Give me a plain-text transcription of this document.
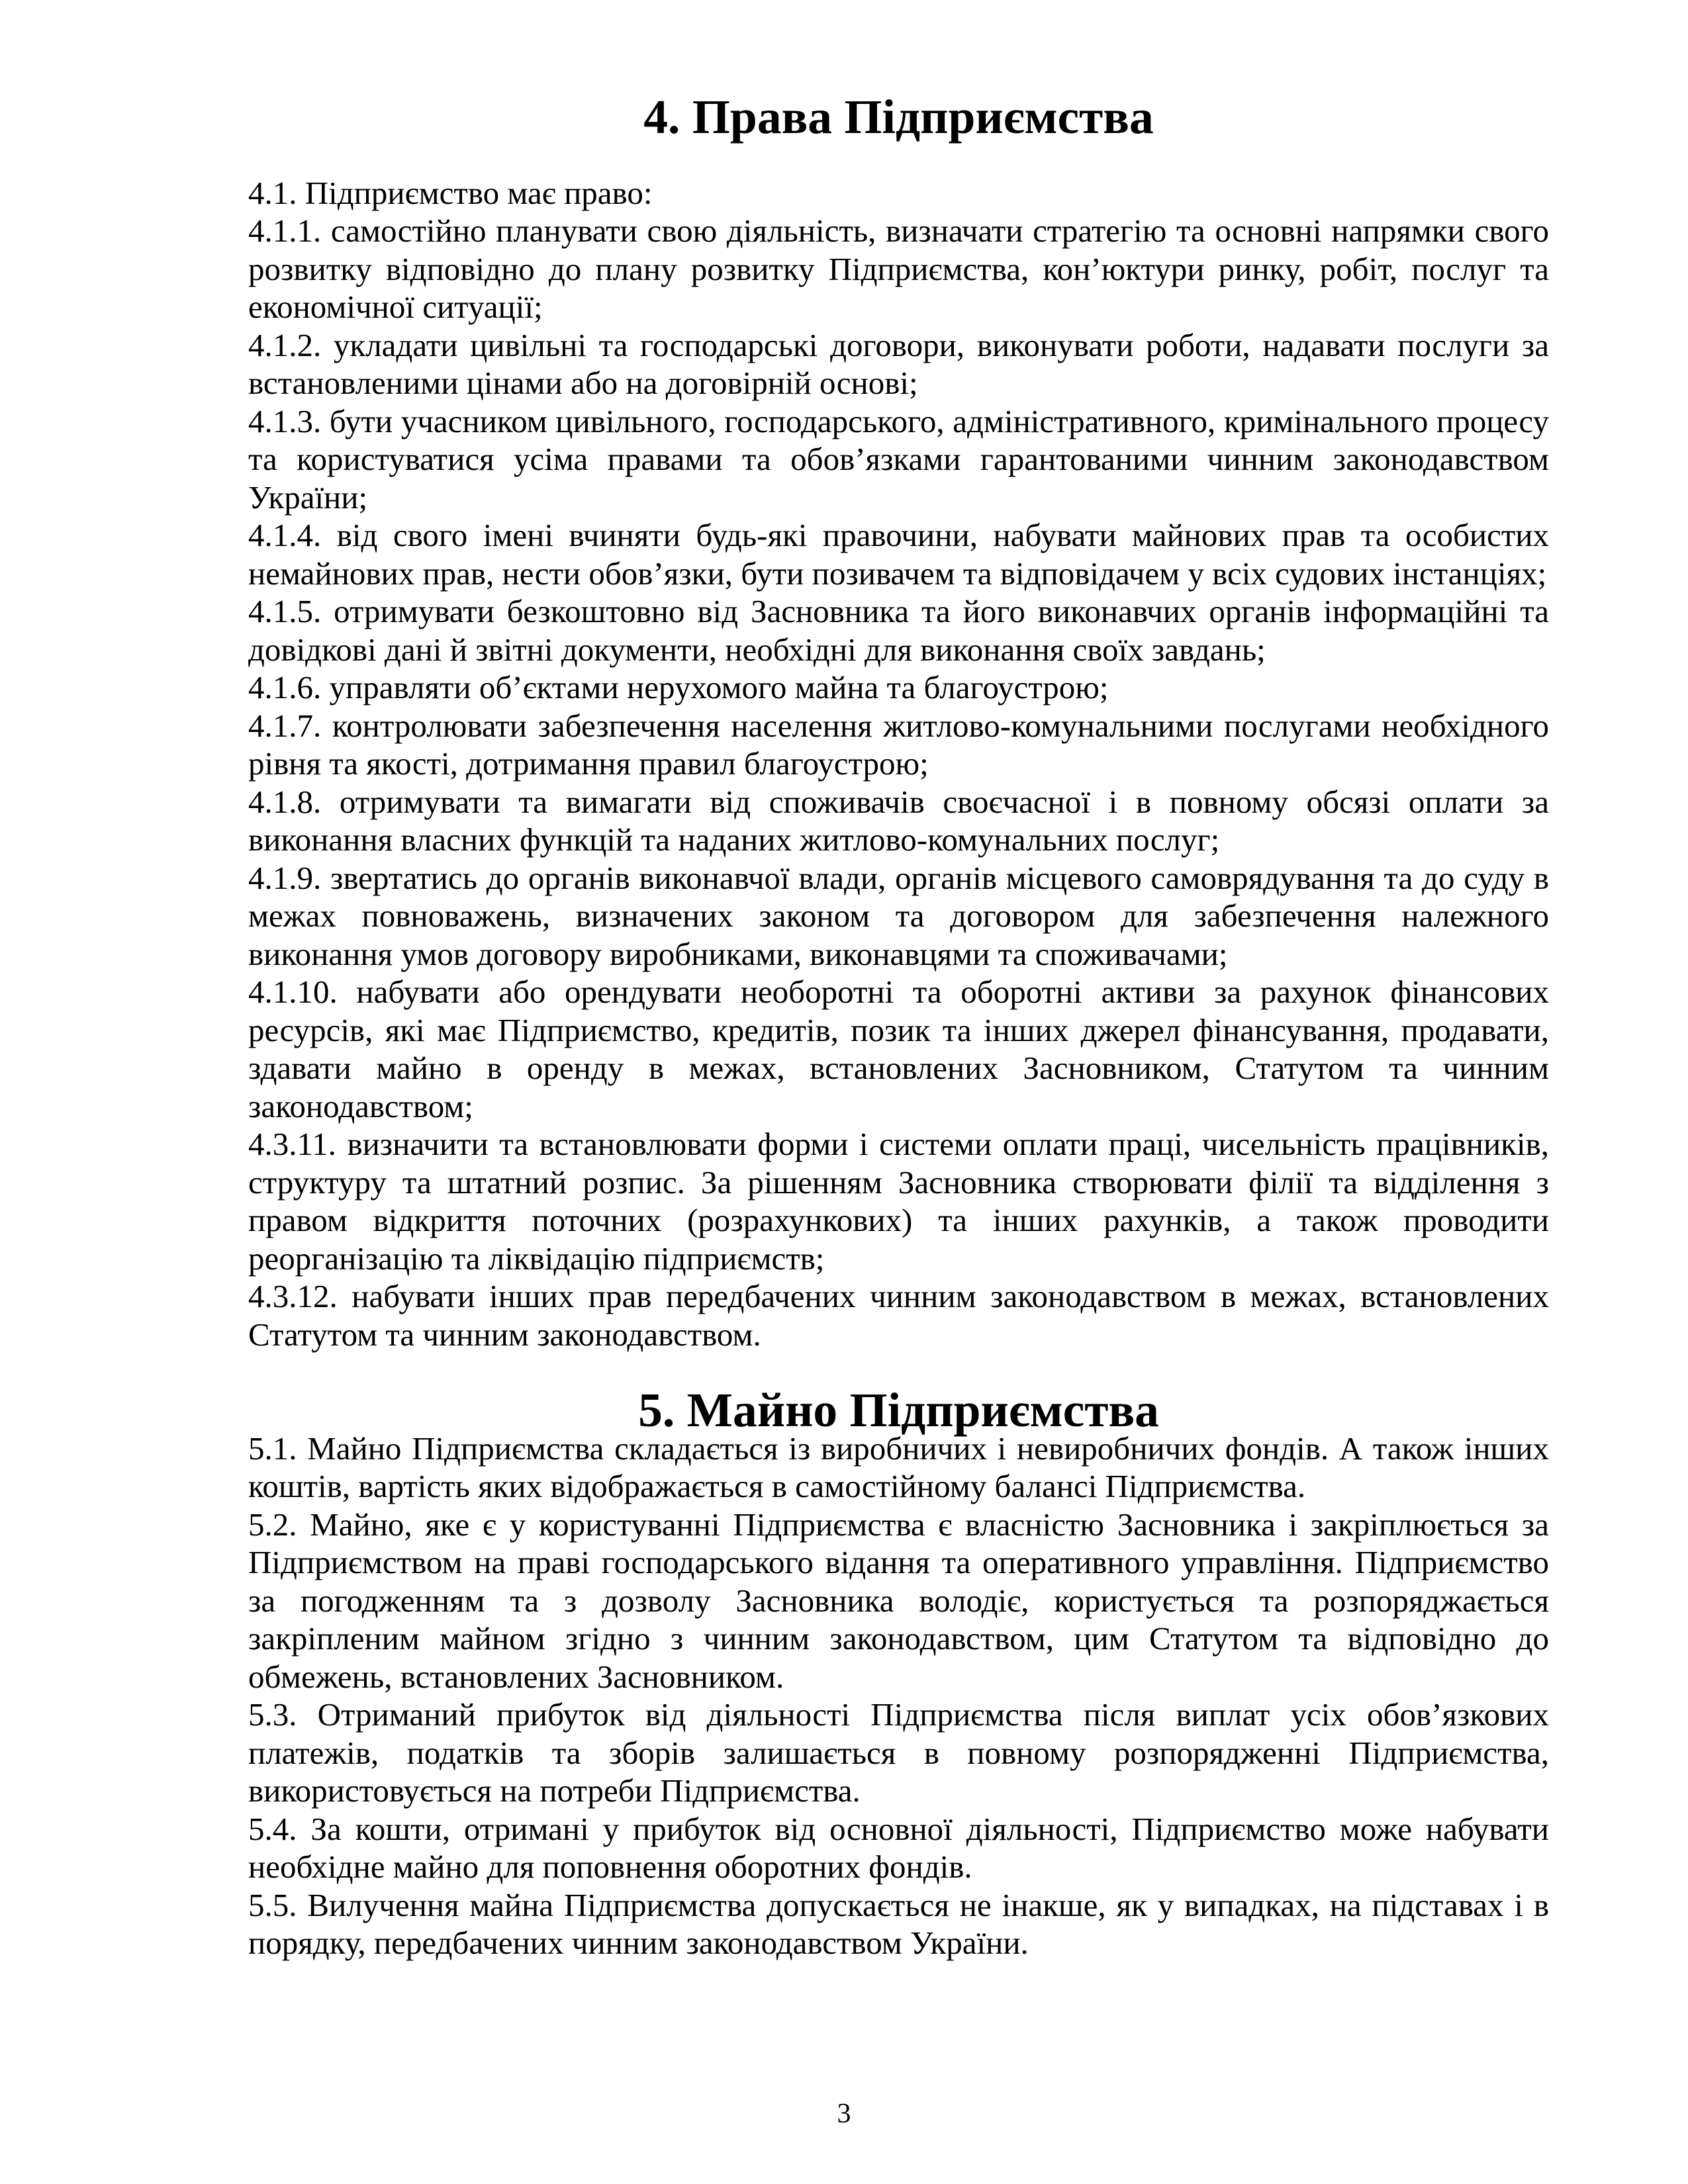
4. Права Підприємства

4.1. Підприємство має право:

4.1.1. самостійно планувати свою діяльність, визначати стратегію та основні напрямки свого розвитку відповідно до плану розвитку Підприємства, кон’юктури ринку, робіт, послуг та економічної ситуації;

4.1.2. укладати цивільні та господарські договори, виконувати роботи, надавати послуги за встановленими цінами або на договірній основі;

4.1.3. бути учасником цивільного, господарського, адміністративного, кримінального процесу та користуватися усіма правами та обов’язками гарантованими чинним законодавством України;

4.1.4. від свого імені вчиняти будь-які правочини, набувати майнових прав та особистих немайнових прав, нести обов’язки, бути позивачем та відповідачем у всіх судових інстанціях;

4.1.5. отримувати безкоштовно від Засновника та його виконавчих органів інформаційні та довідкові дані й звітні документи, необхідні для виконання своїх завдань;

4.1.6. управляти об’єктами нерухомого майна та благоустрою;

4.1.7. контролювати забезпечення населення житлово-комунальними послугами необхідного рівня та якості, дотримання правил благоустрою;

4.1.8. отримувати та вимагати від споживачів своєчасної і в повному обсязі оплати за виконання власних функцій та наданих житлово-комунальних послуг;

4.1.9. звертатись до органів виконавчої влади, органів місцевого самоврядування та до суду в межах повноважень, визначених законом та договором для забезпечення належного виконання умов договору виробниками, виконавцями та споживачами;

4.1.10. набувати або орендувати необоротні та оборотні активи за рахунок фінансових ресурсів, які має Підприємство, кредитів, позик та інших джерел фінансування, продавати, здавати майно в оренду в межах, встановлених Засновником, Статутом та чинним законодавством;

4.3.11. визначити та встановлювати форми і системи оплати праці, чисельність працівників, структуру та штатний розпис. За рішенням Засновника створювати філії та відділення з правом відкриття поточних (розрахункових) та інших рахунків, а також проводити реорганізацію та ліквідацію підприємств;

4.3.12. набувати інших прав передбачених чинним законодавством в межах, встановлених Статутом та чинним законодавством.

5. Майно Підприємства

5.1. Майно Підприємства складається із виробничих і невиробничих фондів. А також інших коштів, вартість яких відображається в самостійному балансі Підприємства.

5.2. Майно, яке є у користуванні Підприємства є власністю Засновника і закріплюється за Підприємством на праві господарського відання та оперативного управління. Підприємство за погодженням та з дозволу Засновника володіє, користується та розпоряджається закріпленим майном згідно з чинним законодавством, цим Статутом та відповідно до обмежень, встановлених Засновником.

5.3. Отриманий прибуток від діяльності Підприємства після виплат усіх обов’язкових платежів, податків та зборів залишається в повному розпорядженні Підприємства, використовується на потреби Підприємства.

5.4. За кошти, отримані у прибуток від основної діяльності, Підприємство може набувати необхідне майно для поповнення оборотних фондів.

5.5. Вилучення майна Підприємства допускається не інакше, як у випадках, на підставах і в порядку, передбачених чинним законодавством України.

3
